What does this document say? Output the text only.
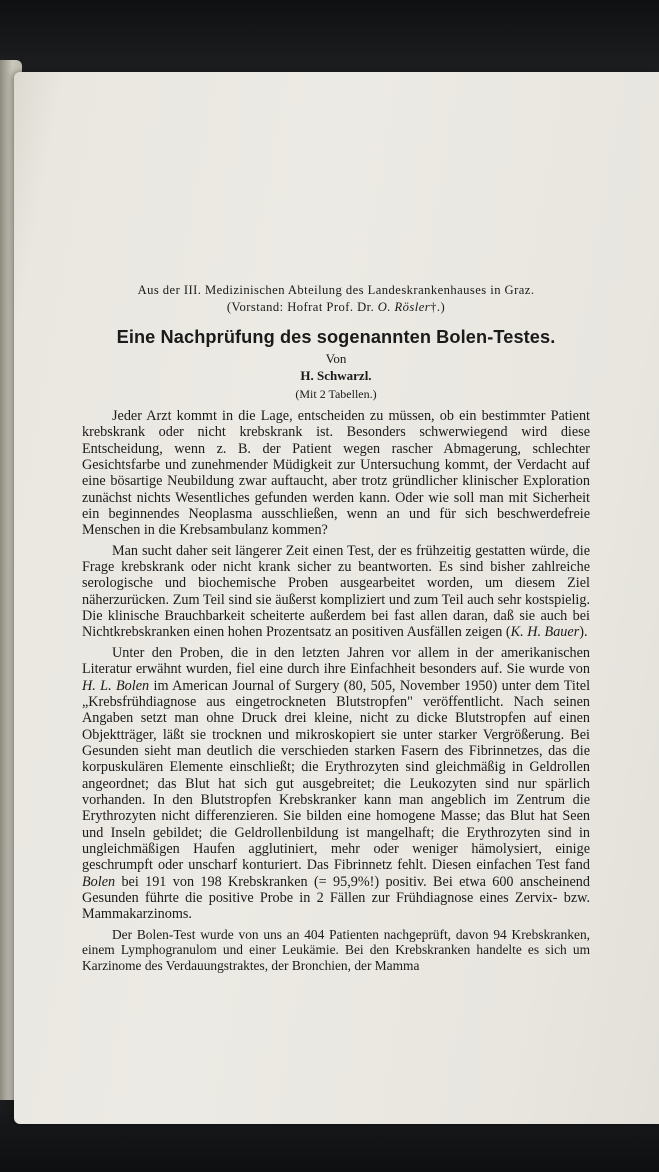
Aus der III. Medizinischen Abteilung des Landeskrankenhauses in Graz.

(Vorstand: Hofrat Prof. Dr. O. Rösler†.)

Eine Nachprüfung des sogenannten Bolen-Testes.

Von

H. Schwarzl.

(Mit 2 Tabellen.)

Jeder Arzt kommt in die Lage, entscheiden zu müssen, ob ein bestimmter Patient krebskrank oder nicht krebskrank ist. Besonders schwerwiegend wird diese Entscheidung, wenn z. B. der Patient wegen rascher Abmagerung, schlechter Gesichtsfarbe und zunehmender Müdigkeit zur Untersuchung kommt, der Verdacht auf eine bösartige Neubildung zwar auftaucht, aber trotz gründlicher klinischer Exploration zunächst nichts Wesentliches gefunden werden kann. Oder wie soll man mit Sicherheit ein beginnendes Neoplasma ausschließen, wenn an und für sich beschwerdefreie Menschen in die Krebsambulanz kommen?

Man sucht daher seit längerer Zeit einen Test, der es frühzeitig gestatten würde, die Frage krebskrank oder nicht krank sicher zu beantworten. Es sind bisher zahlreiche serologische und biochemische Proben ausgearbeitet worden, um diesem Ziel näherzurücken. Zum Teil sind sie äußerst kompliziert und zum Teil auch sehr kostspielig. Die klinische Brauchbarkeit scheiterte außerdem bei fast allen daran, daß sie auch bei Nichtkrebskranken einen hohen Prozentsatz an positiven Ausfällen zeigen (K. H. Bauer).

Unter den Proben, die in den letzten Jahren vor allem in der amerikanischen Literatur erwähnt wurden, fiel eine durch ihre Einfachheit besonders auf. Sie wurde von H. L. Bolen im American Journal of Surgery (80, 505, November 1950) unter dem Titel „Krebsfrühdiagnose aus eingetrockneten Blutstropfen" veröffentlicht. Nach seinen Angaben setzt man ohne Druck drei kleine, nicht zu dicke Blutstropfen auf einen Objektträger, läßt sie trocknen und mikroskopiert sie unter starker Vergrößerung. Bei Gesunden sieht man deutlich die verschieden starken Fasern des Fibrinnetzes, das die korpuskulären Elemente einschließt; die Erythrozyten sind gleichmäßig in Geldrollen angeordnet; das Blut hat sich gut ausgebreitet; die Leukozyten sind nur spärlich vorhanden. In den Blutstropfen Krebskranker kann man angeblich im Zentrum die Erythrozyten nicht differenzieren. Sie bilden eine homogene Masse; das Blut hat Seen und Inseln gebildet; die Geldrollenbildung ist mangelhaft; die Erythrozyten sind in ungleichmäßigen Haufen agglutiniert, mehr oder weniger hämolysiert, einige geschrumpft oder unscharf konturiert. Das Fibrinnetz fehlt. Diesen einfachen Test fand Bolen bei 191 von 198 Krebskranken (= 95,9%!) positiv. Bei etwa 600 anscheinend Gesunden führte die positive Probe in 2 Fällen zur Frühdiagnose eines Zervix- bzw. Mammakarzinoms.

Der Bolen-Test wurde von uns an 404 Patienten nachgeprüft, davon 94 Krebskranken, einem Lymphogranulom und einer Leukämie. Bei den Krebskranken handelte es sich um Karzinome des Verdauungstraktes, der Bronchien, der Mamma
